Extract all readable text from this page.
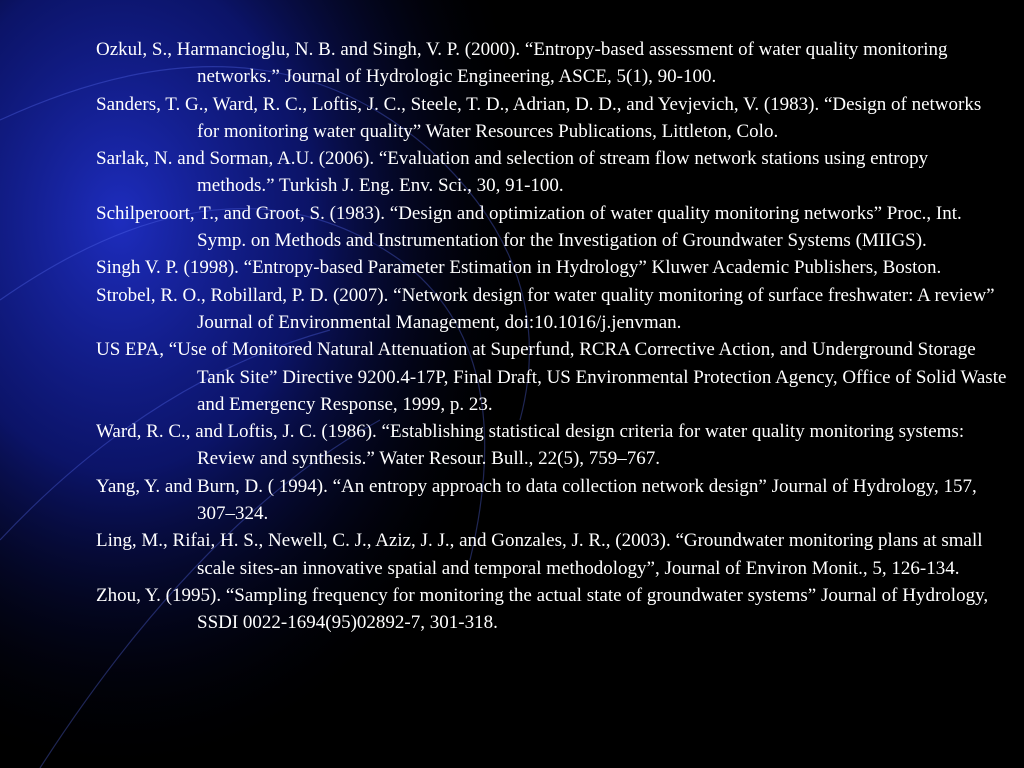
Ozkul, S., Harmancioglu, N. B. and Singh, V. P. (2000). “Entropy-based assessment of water quality monitoring networks.” Journal of Hydrologic Engineering, ASCE, 5(1), 90-100.
Sanders, T. G., Ward, R. C., Loftis, J. C., Steele, T. D., Adrian, D. D., and Yevjevich, V. (1983). “Design of networks for monitoring water quality” Water Resources Publications, Littleton, Colo.
Sarlak, N. and Sorman, A.U. (2006). “Evaluation and selection of stream flow network stations using entropy methods.” Turkish J. Eng. Env. Sci., 30, 91-100.
Schilperoort, T., and Groot, S. (1983). “Design and optimization of water quality monitoring networks” Proc., Int. Symp. on Methods and Instrumentation for the Investigation of Groundwater Systems (MIIGS).
Singh V. P. (1998). “Entropy-based Parameter Estimation in Hydrology” Kluwer Academic Publishers, Boston.
Strobel, R. O., Robillard, P. D. (2007). “Network design for water quality monitoring of surface freshwater: A review” Journal of Environmental Management, doi:10.1016/j.jenvman.
US EPA, “Use of Monitored Natural Attenuation at Superfund, RCRA Corrective Action, and Underground Storage Tank Site” Directive 9200.4-17P, Final Draft, US Environmental Protection Agency, Office of Solid Waste and Emergency Response, 1999, p. 23.
Ward, R. C., and Loftis, J. C. (1986). “Establishing statistical design criteria for water quality monitoring systems: Review and synthesis.” Water Resour. Bull., 22(5), 759–767.
Yang, Y. and Burn, D. ( 1994). “An entropy approach to data collection network design” Journal of Hydrology, 157, 307–324.
Ling, M., Rifai, H. S., Newell, C. J., Aziz, J. J., and Gonzales, J. R., (2003). “Groundwater monitoring plans at small scale sites-an innovative spatial and temporal methodology”, Journal of Environ Monit., 5, 126-134.
Zhou, Y. (1995). “Sampling frequency for monitoring the actual state of groundwater systems” Journal of Hydrology, SSDI 0022-1694(95)02892-7, 301-318.
